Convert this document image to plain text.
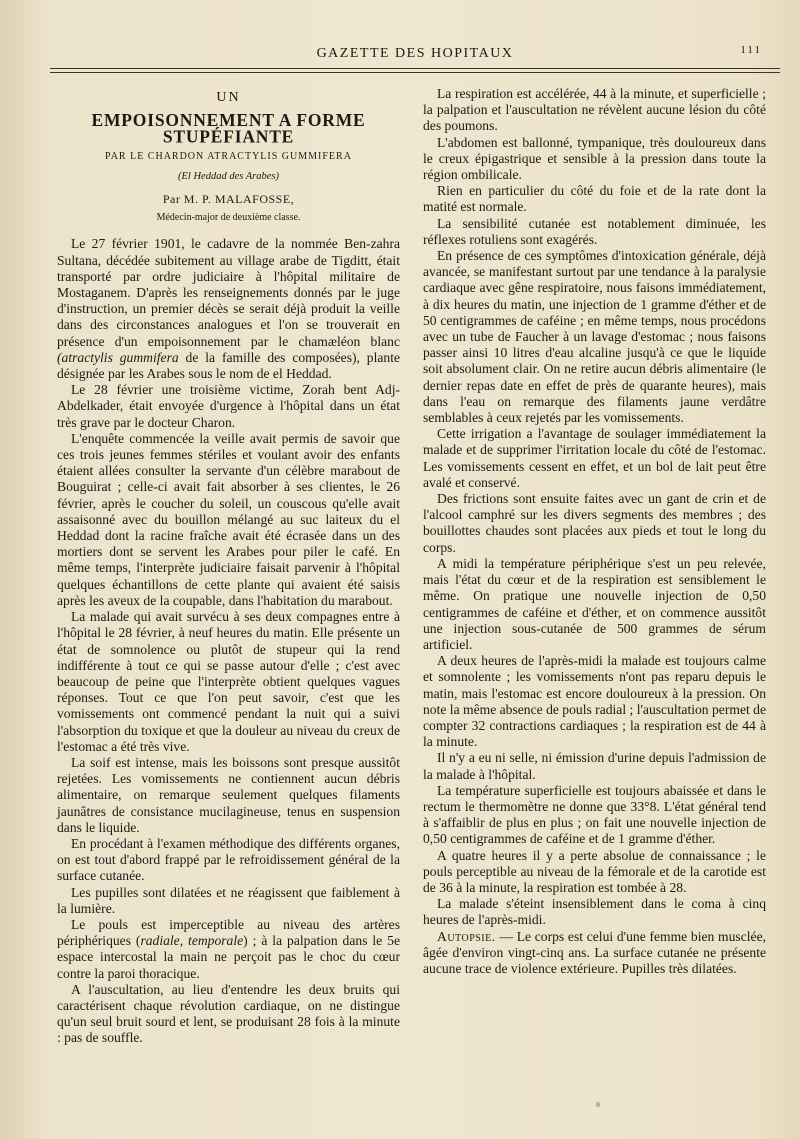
GAZETTE DES HOPITAUX	111
UN
EMPOISONNEMENT A FORME STUPÉFIANTE
PAR LE CHARDON ATRACTYLIS GUMMIFERA
(El Heddad des Arabes)
Par M. P. MALAFOSSE,
Médecin-major de deuxième classe.

Le 27 février 1901, le cadavre de la nommée Ben-zahra Sultana, décédée subitement au village arabe de Tigditt, était transporté par ordre judiciaire à l'hôpital militaire de Mostaganem. D'après les renseignements donnés par le juge d'instruction, un premier décès se serait déjà produit la veille dans des circonstances analogues et l'on se trouverait en présence d'un empoisonnement par le chamæléon blanc (atractylis gummifera de la famille des composées), plante désignée par les Arabes sous le nom de el Heddad.

Le 28 février une troisième victime, Zorah bent Adj-Abdelkader, était envoyée d'urgence à l'hôpital dans un état très grave par le docteur Charon.

L'enquête commencée la veille avait permis de savoir que ces trois jeunes femmes stériles et voulant avoir des enfants étaient allées consulter la servante d'un célèbre marabout de Bouguirat ; celle-ci avait fait absorber à ses clientes, le 26 février, après le coucher du soleil, un couscous qu'elle avait assaisonné avec du bouillon mélangé au suc laiteux du el Heddad dont la racine fraîche avait été écrasée dans un des mortiers dont se servent les Arabes pour piler le café. En même temps, l'interprète judiciaire faisait parvenir à l'hôpital quelques échantillons de cette plante qui avaient été saisis après les aveux de la coupable, dans l'habitation du marabout.

La malade qui avait survécu à ses deux compagnes entre à l'hôpital le 28 février, à neuf heures du matin. Elle présente un état de somnolence ou plutôt de stupeur qui la rend indifférente à tout ce qui se passe autour d'elle ; c'est avec beaucoup de peine que l'interprète obtient quelques vagues réponses. Tout ce que l'on peut savoir, c'est que les vomissements ont commencé pendant la nuit qui a suivi l'absorption du toxique et que la douleur au niveau du creux de l'estomac a été très vive.

La soif est intense, mais les boissons sont presque aussitôt rejetées. Les vomissements ne contiennent aucun débris alimentaire, on remarque seulement quelques filaments jaunâtres de consistance mucilagineuse, tenus en suspension dans le liquide.

En procédant à l'examen méthodique des différents organes, on est tout d'abord frappé par le refroidissement général de la surface cutanée.

Les pupilles sont dilatées et ne réagissent que faiblement à la lumière.

Le pouls est imperceptible au niveau des artères périphériques (radiale, temporale) ; à la palpation dans le 5e espace intercostal la main ne perçoit pas le choc du cœur contre la paroi thoracique.

A l'auscultation, au lieu d'entendre les deux bruits qui caractérisent chaque révolution cardiaque, on ne distingue qu'un seul bruit sourd et lent, se produisant 28 fois à la minute : pas de souffle.

La respiration est accélérée, 44 à la minute, et superficielle ; la palpation et l'auscultation ne révèlent aucune lésion du côté des poumons.

L'abdomen est ballonné, tympanique, très douloureux dans le creux épigastrique et sensible à la pression dans toute la région ombilicale.

Rien en particulier du côté du foie et de la rate dont la matité est normale.

La sensibilité cutanée est notablement diminuée, les réflexes rotuliens sont exagérés.

En présence de ces symptômes d'intoxication générale, déjà avancée, se manifestant surtout par une tendance à la paralysie cardiaque avec gêne respiratoire, nous faisons immédiatement, à dix heures du matin, une injection de 1 gramme d'éther et de 50 centigrammes de caféine ; en même temps, nous procédons avec un tube de Faucher à un lavage d'estomac ; nous faisons passer ainsi 10 litres d'eau alcaline jusqu'à ce que le liquide soit absolument clair. On ne retire aucun débris alimentaire (le dernier repas date en effet de près de quarante heures), mais dans l'eau on remarque des filaments jaune verdâtre semblables à ceux rejetés par les vomissements.

Cette irrigation a l'avantage de soulager immédiatement la malade et de supprimer l'irritation locale du côté de l'estomac. Les vomissements cessent en effet, et un bol de lait peut être avalé et conservé.

Des frictions sont ensuite faites avec un gant de crin et de l'alcool camphré sur les divers segments des membres ; des bouillottes chaudes sont placées aux pieds et tout le long du corps.

A midi la température périphérique s'est un peu relevée, mais l'état du cœur et de la respiration est sensiblement le même. On pratique une nouvelle injection de 0,50 centigrammes de caféine et d'éther, et on commence aussitôt une injection sous-cutanée de 500 grammes de sérum artificiel.

A deux heures de l'après-midi la malade est toujours calme et somnolente ; les vomissements n'ont pas reparu depuis le matin, mais l'estomac est encore douloureux à la pression. On note la même absence de pouls radial ; l'auscultation permet de compter 32 contractions cardiaques ; la respiration est de 44 à la minute.

Il n'y a eu ni selle, ni émission d'urine depuis l'admission de la malade à l'hôpital.

La température superficielle est toujours abaissée et dans le rectum le thermomètre ne donne que 33°8. L'état général tend à s'affaiblir de plus en plus ; on fait une nouvelle injection de 0,50 centigrammes de caféine et de 1 gramme d'éther.

A quatre heures il y a perte absolue de connaissance ; le pouls perceptible au niveau de la fémorale et de la carotide est de 36 à la minute, la respiration est tombée à 28.

La malade s'éteint insensiblement dans le coma à cinq heures de l'après-midi.

Autopsie. — Le corps est celui d'une femme bien musclée, âgée d'environ vingt-cinq ans. La surface cutanée ne présente aucune trace de violence extérieure. Pupilles très dilatées.
